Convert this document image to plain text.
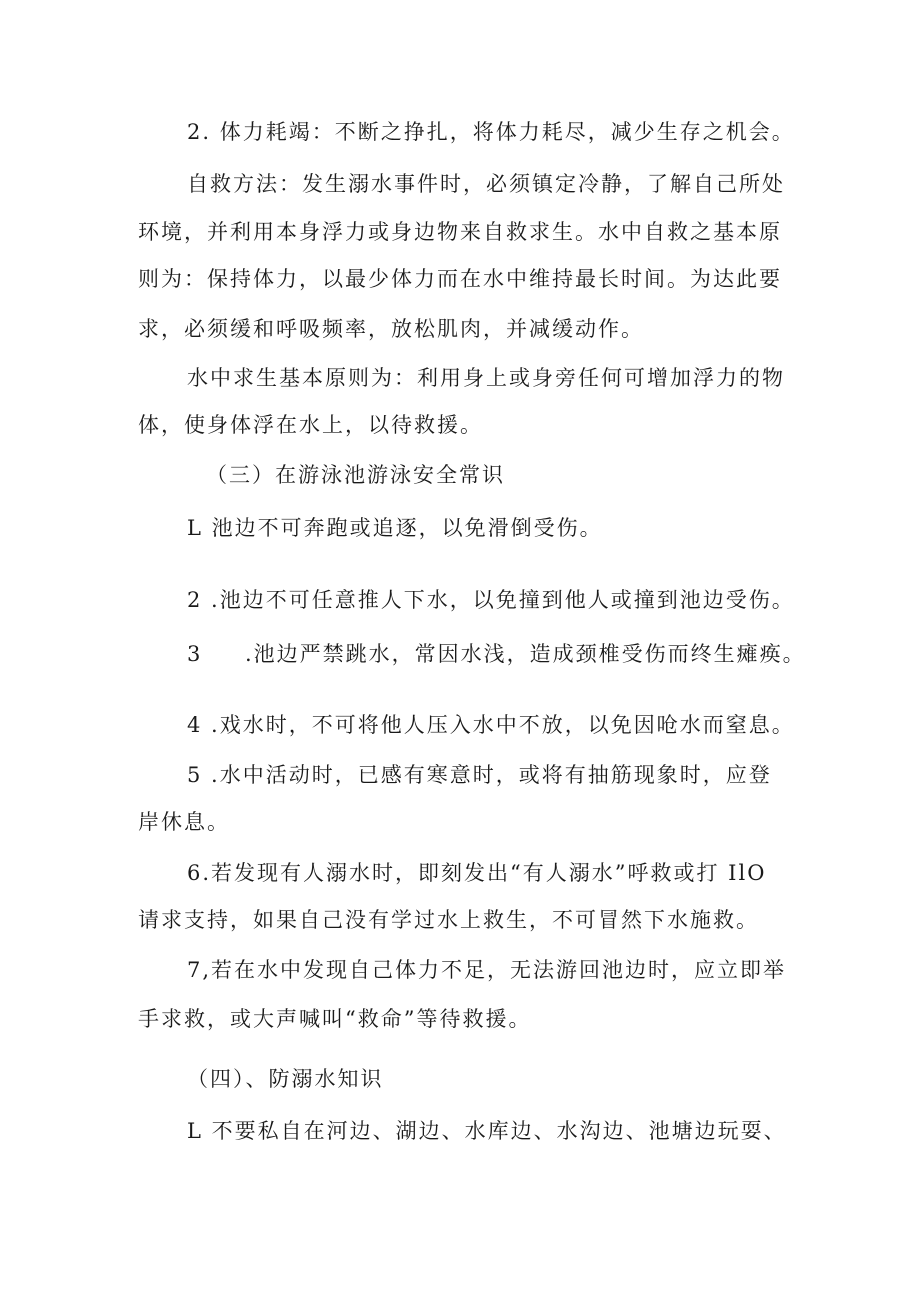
2. 体力耗竭：不断之挣扎，将体力耗尽，减少生存之机会。
自救方法：发生溺水事件时，必须镇定冷静，了解自己所处
环境，并利用本身浮力或身边物来自救求生。水中自救之基本原
则为：保持体力，以最少体力而在水中维持最长时间。为达此要
求，必须缓和呼吸频率，放松肌肉，并减缓动作。
水中求生基本原则为：利用身上或身旁任何可增加浮力的物
体，使身体浮在水上，以待救援。
（三）在游泳池游泳安全常识
L 池边不可奔跑或追逐，以免滑倒受伤。
2 .池边不可任意推人下水，以免撞到他人或撞到池边受伤。
3 .池边严禁跳水，常因水浅，造成颈椎受伤而终生瘫痪。
4 .戏水时，不可将他人压入水中不放，以免因呛水而窒息。
5 .水中活动时，已感有寒意时，或将有抽筋现象时，应登
岸休息。
6.若发现有人溺水时，即刻发出“有人溺水”呼救或打 IlO
请求支持，如果自己没有学过水上救生，不可冒然下水施救。
7,若在水中发现自己体力不足，无法游回池边时，应立即举
手求救，或大声喊叫“救命”等待救援。
（四）、防溺水知识
L 不要私自在河边、湖边、水库边、水沟边、池塘边玩耍、
